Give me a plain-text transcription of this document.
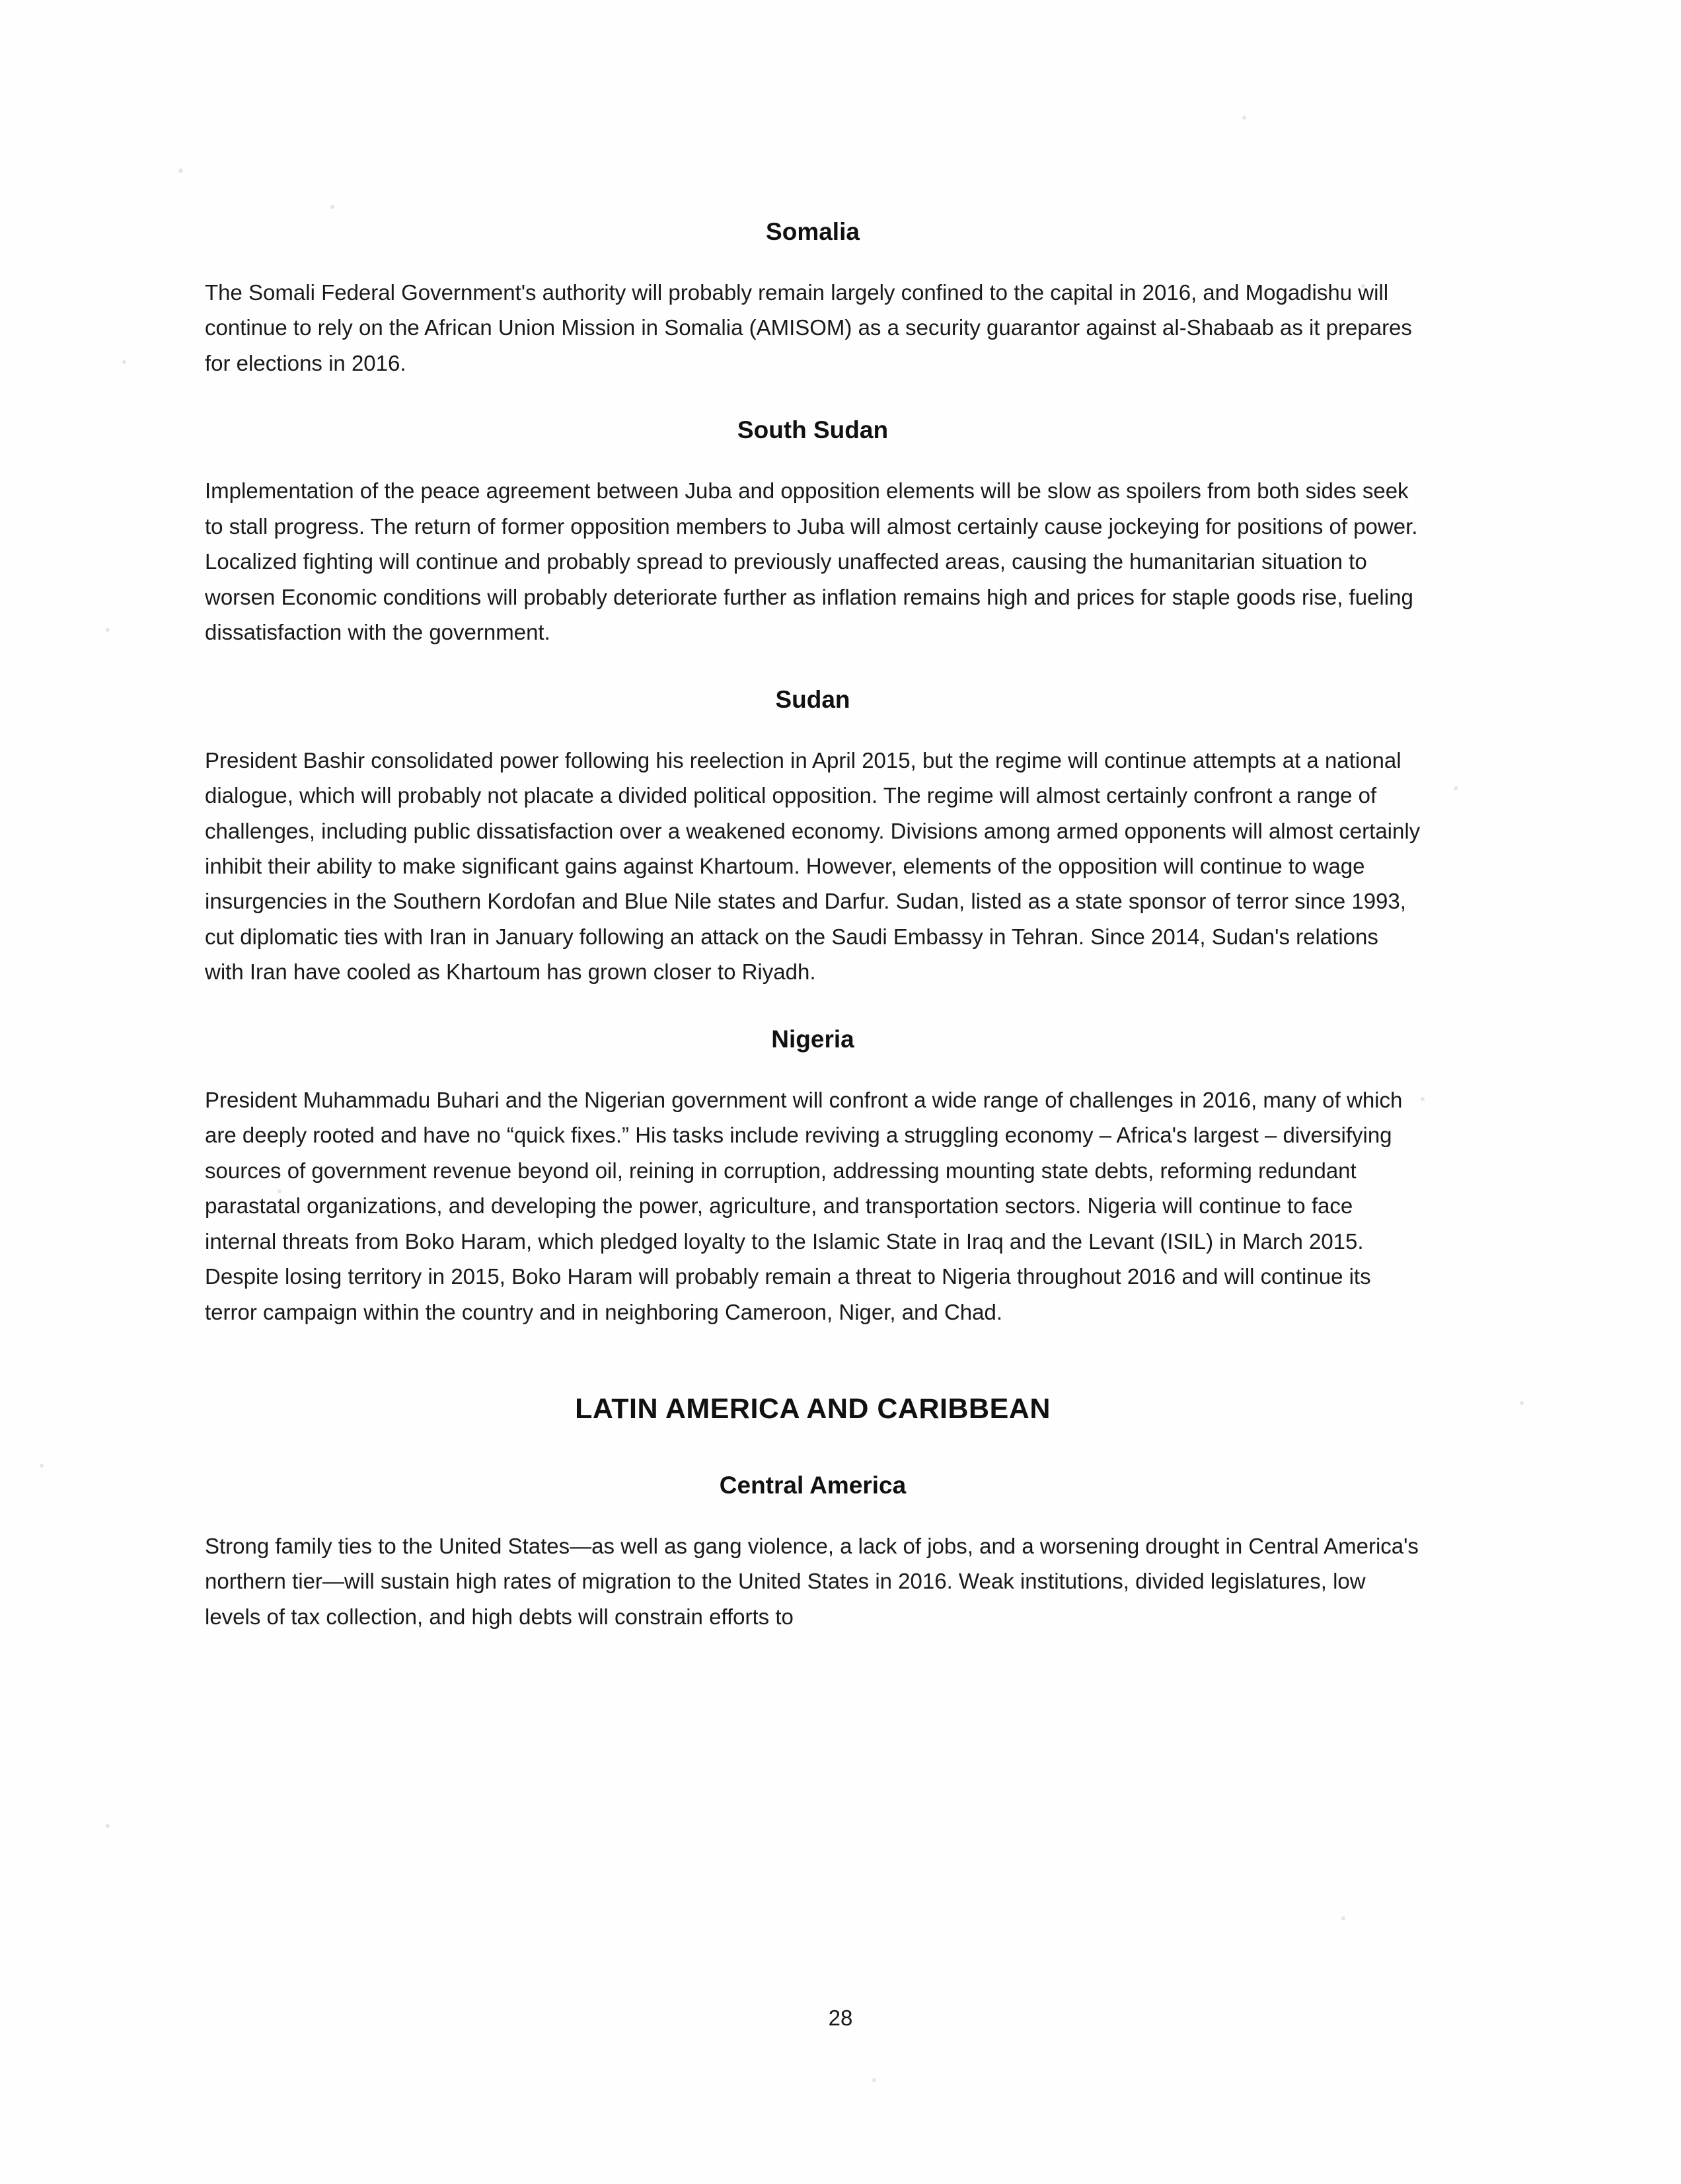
Somalia

The Somali Federal Government's authority will probably remain largely confined to the capital in 2016, and Mogadishu will continue to rely on the African Union Mission in Somalia (AMISOM) as a security guarantor against al-Shabaab as it prepares for elections in 2016.

South Sudan

Implementation of the peace agreement between Juba and opposition elements will be slow as spoilers from both sides seek to stall progress. The return of former opposition members to Juba will almost certainly cause jockeying for positions of power. Localized fighting will continue and probably spread to previously unaffected areas, causing the humanitarian situation to worsen Economic conditions will probably deteriorate further as inflation remains high and prices for staple goods rise, fueling dissatisfaction with the government.

Sudan

President Bashir consolidated power following his reelection in April 2015, but the regime will continue attempts at a national dialogue, which will probably not placate a divided political opposition. The regime will almost certainly confront a range of challenges, including public dissatisfaction over a weakened economy. Divisions among armed opponents will almost certainly inhibit their ability to make significant gains against Khartoum. However, elements of the opposition will continue to wage insurgencies in the Southern Kordofan and Blue Nile states and Darfur. Sudan, listed as a state sponsor of terror since 1993, cut diplomatic ties with Iran in January following an attack on the Saudi Embassy in Tehran. Since 2014, Sudan's relations with Iran have cooled as Khartoum has grown closer to Riyadh.

Nigeria

President Muhammadu Buhari and the Nigerian government will confront a wide range of challenges in 2016, many of which are deeply rooted and have no “quick fixes.” His tasks include reviving a struggling economy – Africa's largest – diversifying sources of government revenue beyond oil, reining in corruption, addressing mounting state debts, reforming redundant parastatal organizations, and developing the power, agriculture, and transportation sectors. Nigeria will continue to face internal threats from Boko Haram, which pledged loyalty to the Islamic State in Iraq and the Levant (ISIL) in March 2015. Despite losing territory in 2015, Boko Haram will probably remain a threat to Nigeria throughout 2016 and will continue its terror campaign within the country and in neighboring Cameroon, Niger, and Chad.

LATIN AMERICA AND CARIBBEAN
Central America

Strong family ties to the United States—as well as gang violence, a lack of jobs, and a worsening drought in Central America's northern tier—will sustain high rates of migration to the United States in 2016. Weak institutions, divided legislatures, low levels of tax collection, and high debts will constrain efforts to

28
